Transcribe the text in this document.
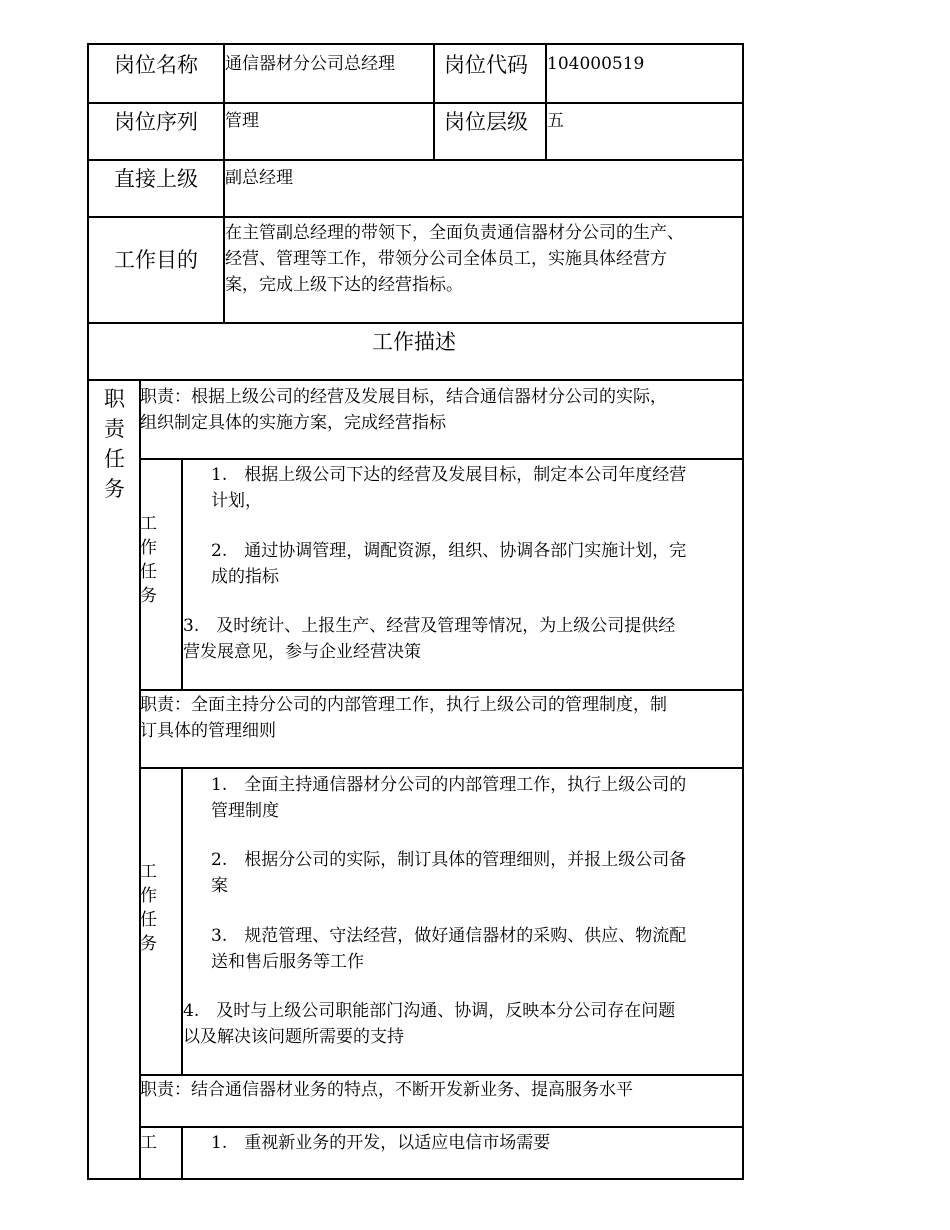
岗位名称 通信器材分公司总经理 岗位代码 104000519
岗位序列 管理	岗位层级 五
直接上级 副总经理
工作目的
在主管副总经理的带领下，全面负责通信器材分公司的生产、
经营、管理等工作，带领分公司全体员工，实施具体经营方
案，完成上级下达的经营指标。
工作描述
职
责
任
务
职责：根据上级公司的经营及发展目标，结合通信器材分公司的实际，
组织制定具体的实施方案，完成经营指标
工
作
任
务
1.　根据上级公司下达的经营及发展目标，制定本公司年度经营
计划，
2.　通过协调管理，调配资源，组织、协调各部门实施计划，完
成的指标
3.　及时统计、上报生产、经营及管理等情况，为上级公司提供经
营发展意见，参与企业经营决策
职责：全面主持分公司的内部管理工作，执行上级公司的管理制度，制
订具体的管理细则
工
作
任
务
1.　全面主持通信器材分公司的内部管理工作，执行上级公司的
管理制度
2.　根据分公司的实际，制订具体的管理细则，并报上级公司备
案
3.　规范管理、守法经营，做好通信器材的采购、供应、物流配
送和售后服务等工作
4.　及时与上级公司职能部门沟通、协调，反映本分公司存在问题
以及解决该问题所需要的支持
职责：结合通信器材业务的特点，不断开发新业务、提高服务水平
工	1.　重视新业务的开发，以适应电信市场需要
